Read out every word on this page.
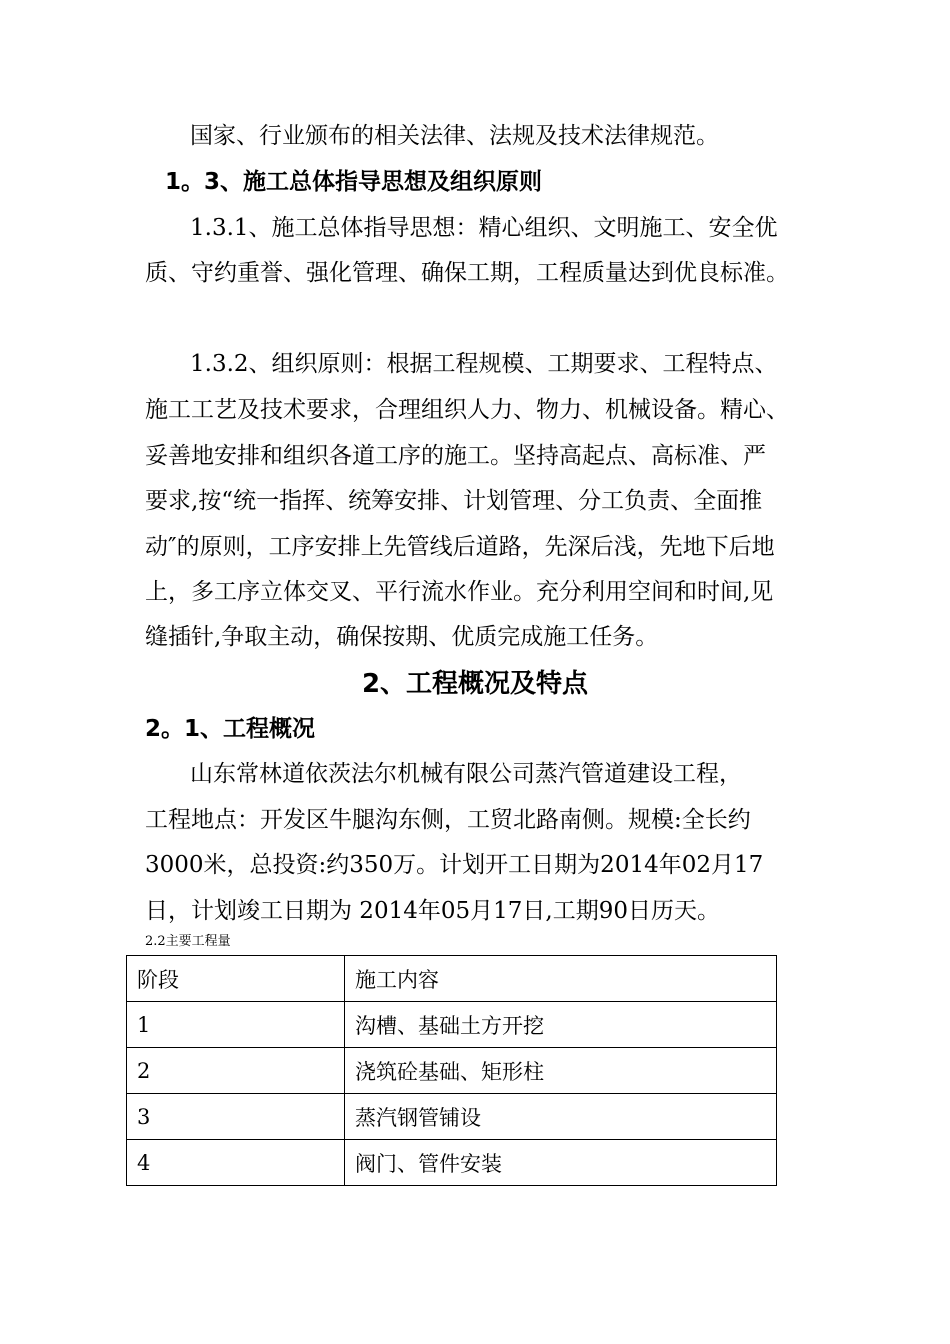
国家、行业颁布的相关法律、法规及技术法律规范。
1。3、施工总体指导思想及组织原则
1.3.1、施工总体指导思想：精心组织、文明施工、安全优
质、守约重誉、强化管理、确保工期，工程质量达到优良标准。
1.3.2、组织原则：根据工程规模、工期要求、工程特点、
施工工艺及技术要求，合理组织人力、物力、机械设备。精心、
妥善地安排和组织各道工序的施工。坚持高起点、高标准、严
要求,按“统一指挥、统筹安排、计划管理、分工负责、全面推
动″的原则，工序安排上先管线后道路，先深后浅，先地下后地
上，多工序立体交叉、平行流水作业。充分利用空间和时间,见
缝插针,争取主动，确保按期、优质完成施工任务。
2、工程概况及特点
2。1、工程概况
山东常林道依茨法尔机械有限公司蒸汽管道建设工程，
工程地点：开发区牛腿沟东侧，工贸北路南侧。规模:全长约
3000米，总投资:约350万。计划开工日期为2014年02月17
日，计划竣工日期为 2014年05月17日,工期90日历天。
2.2主要工程量
阶段	施工内容
1	沟槽、基础土方开挖
2	浇筑砼基础、矩形柱
3	蒸汽钢管铺设
4	阀门、管件安装
